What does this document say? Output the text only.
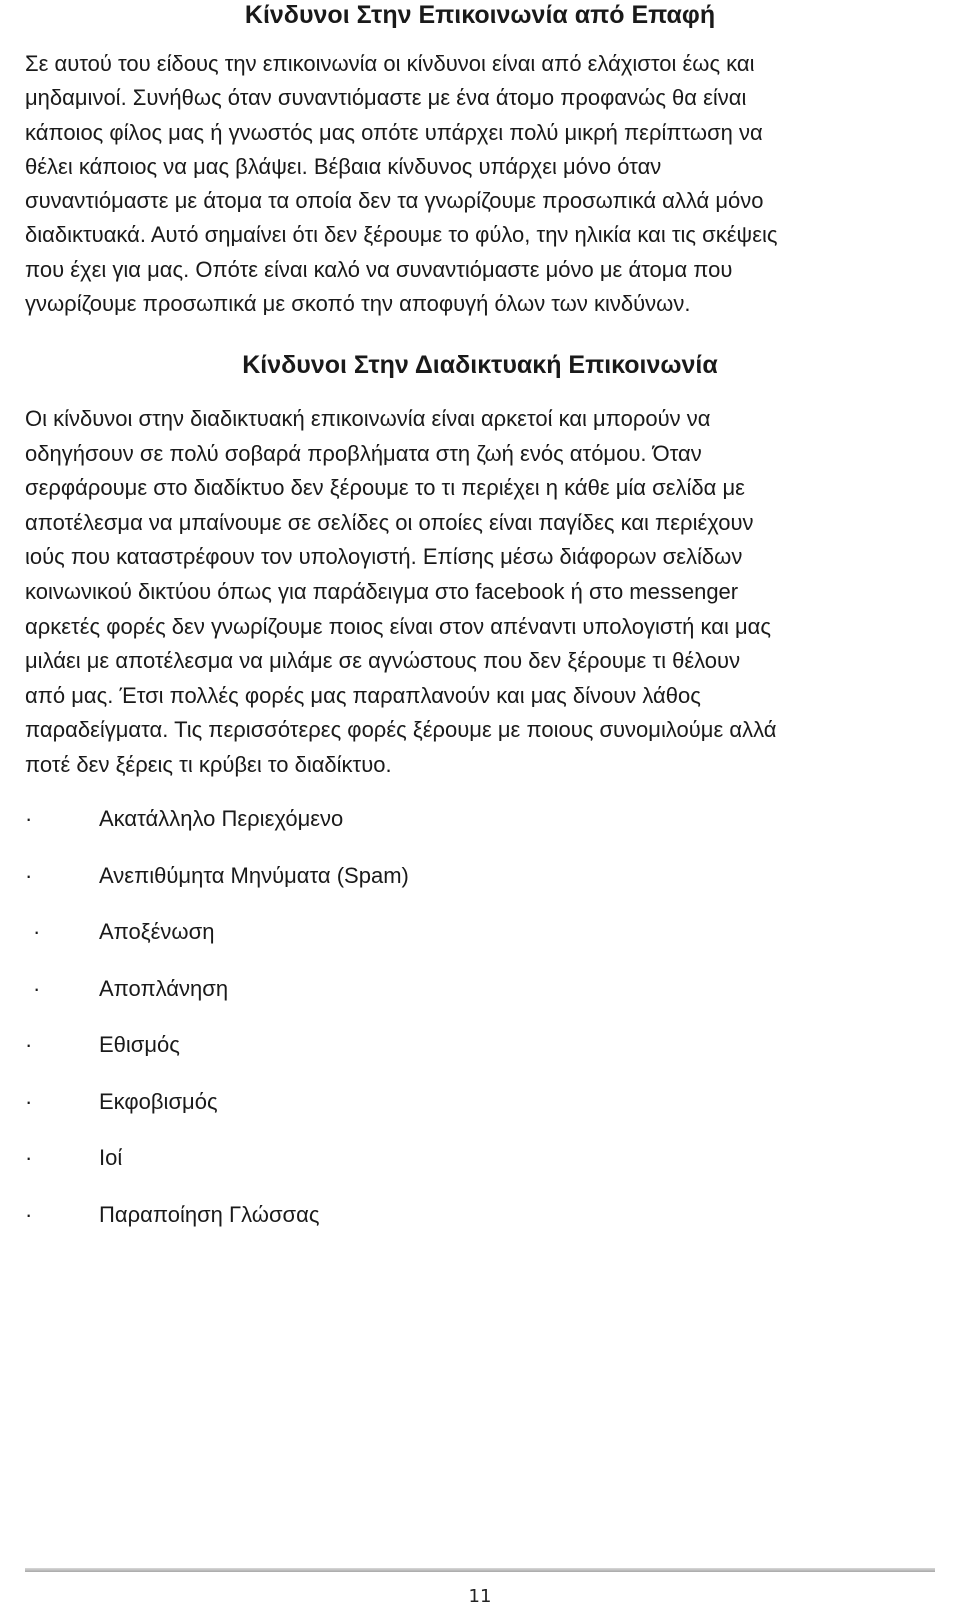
Κίνδυνοι Στην Επικοινωνία από Επαφή

Σε αυτού του είδους την επικοινωνία οι κίνδυνοι είναι από ελάχιστοι έως και
μηδαμινοί. Συνήθως όταν συναντιόμαστε με ένα άτομο προφανώς θα είναι
κάποιος φίλος μας ή γνωστός μας οπότε υπάρχει πολύ μικρή περίπτωση να
θέλει κάποιος να μας βλάψει. Βέβαια κίνδυνος υπάρχει μόνο όταν
συναντιόμαστε με άτομα τα οποία δεν τα γνωρίζουμε προσωπικά αλλά μόνο
διαδικτυακά. Αυτό σημαίνει ότι δεν ξέρουμε το φύλο, την ηλικία και τις σκέψεις
που έχει για μας. Οπότε είναι καλό να συναντιόμαστε μόνο με άτομα που
γνωρίζουμε προσωπικά με σκοπό την αποφυγή όλων των κινδύνων.

Κίνδυνοι Στην Διαδικτυακή Επικοινωνία

Οι κίνδυνοι στην διαδικτυακή επικοινωνία είναι αρκετοί και μπορούν να
οδηγήσουν σε πολύ σοβαρά προβλήματα στη ζωή ενός ατόμου. Όταν
σερφάρουμε στο διαδίκτυο δεν ξέρουμε το τι περιέχει η κάθε μία σελίδα με
αποτέλεσμα να μπαίνουμε σε σελίδες οι οποίες είναι παγίδες και περιέχουν
ιούς που καταστρέφουν τον υπολογιστή. Επίσης μέσω διάφορων σελίδων
κοινωνικού δικτύου όπως για παράδειγμα στο facebook ή στο messenger
αρκετές φορές δεν γνωρίζουμε ποιος είναι στον απέναντι υπολογιστή και μας
μιλάει με αποτέλεσμα να μιλάμε σε αγνώστους που δεν ξέρουμε τι θέλουν
από μας. Έτσι πολλές φορές μας παραπλανούν και μας δίνουν λάθος
παραδείγματα. Τις περισσότερες φορές ξέρουμε με ποιους συνομιλούμε αλλά
ποτέ δεν ξέρεις τι κρύβει το διαδίκτυο.

·	Ακατάλληλο Περιεχόμενο
·	Ανεπιθύμητα Μηνύματα (Spam)
·	Αποξένωση
·	Αποπλάνηση
·	Εθισμός
·	Εκφοβισμός
·	Ιοί
·	Παραποίηση Γλώσσας
11
